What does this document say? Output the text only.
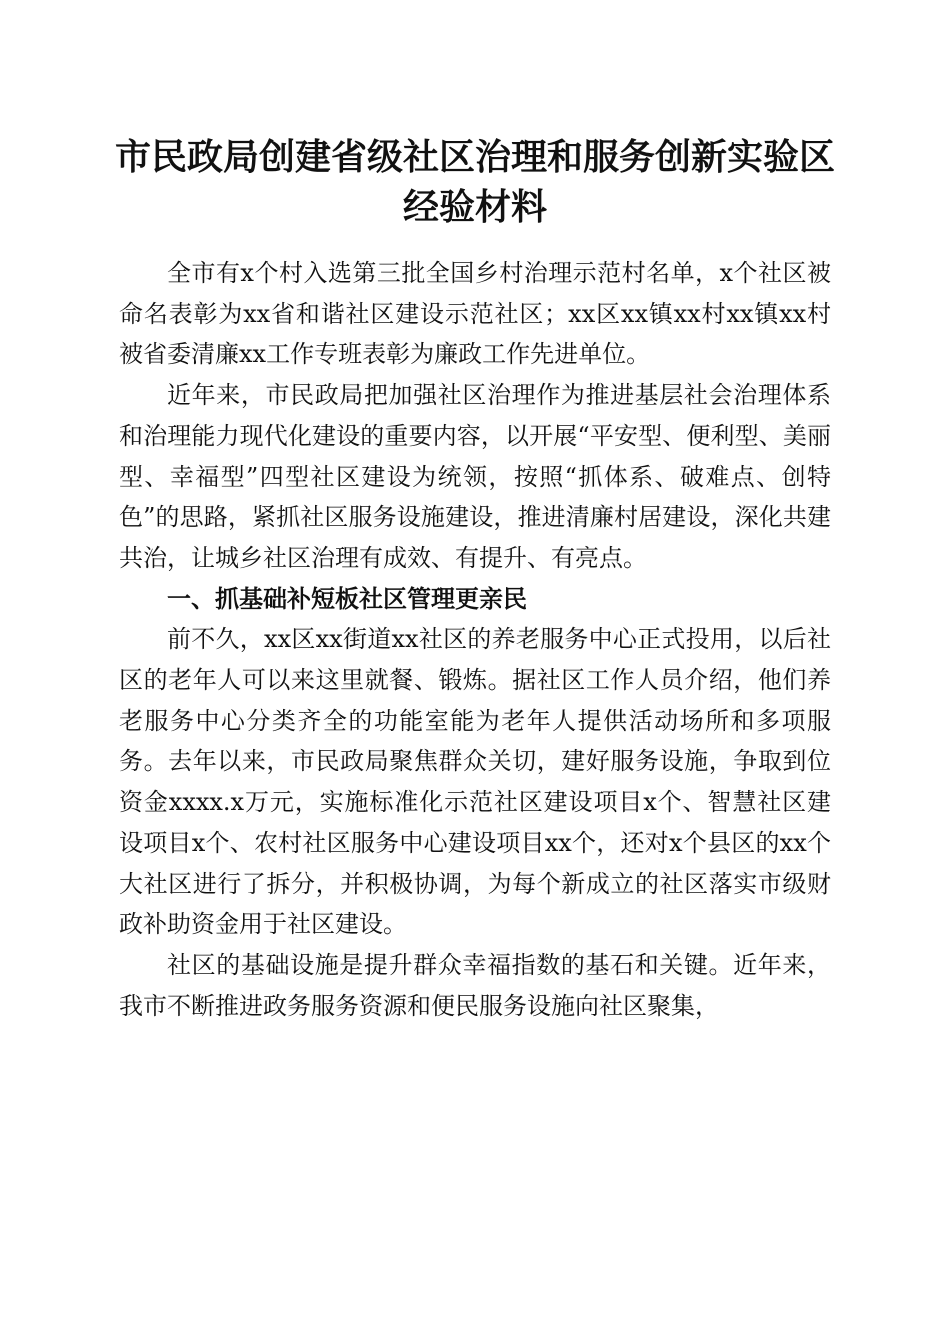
市民政局创建省级社区治理和服务创新实验区
经验材料

全市有x个村入选第三批全国乡村治理示范村名单，x个社区被命名表彰为xx省和谐社区建设示范社区；xx区xx镇xx村xx镇xx村被省委清廉xx工作专班表彰为廉政工作先进单位。

近年来，市民政局把加强社区治理作为推进基层社会治理体系和治理能力现代化建设的重要内容，以开展“平安型、便利型、美丽型、幸福型”四型社区建设为统领，按照“抓体系、破难点、创特色”的思路，紧抓社区服务设施建设，推进清廉村居建设，深化共建共治，让城乡社区治理有成效、有提升、有亮点。

一、抓基础补短板社区管理更亲民

前不久，xx区xx街道xx社区的养老服务中心正式投用，以后社区的老年人可以来这里就餐、锻炼。据社区工作人员介绍，他们养老服务中心分类齐全的功能室能为老年人提供活动场所和多项服务。去年以来，市民政局聚焦群众关切，建好服务设施，争取到位资金xxxx.x万元，实施标准化示范社区建设项目x个、智慧社区建设项目x个、农村社区服务中心建设项目xx个，还对x个县区的xx个大社区进行了拆分，并积极协调，为每个新成立的社区落实市级财政补助资金用于社区建设。

社区的基础设施是提升群众幸福指数的基石和关键。近年来，我市不断推进政务服务资源和便民服务设施向社区聚集，
